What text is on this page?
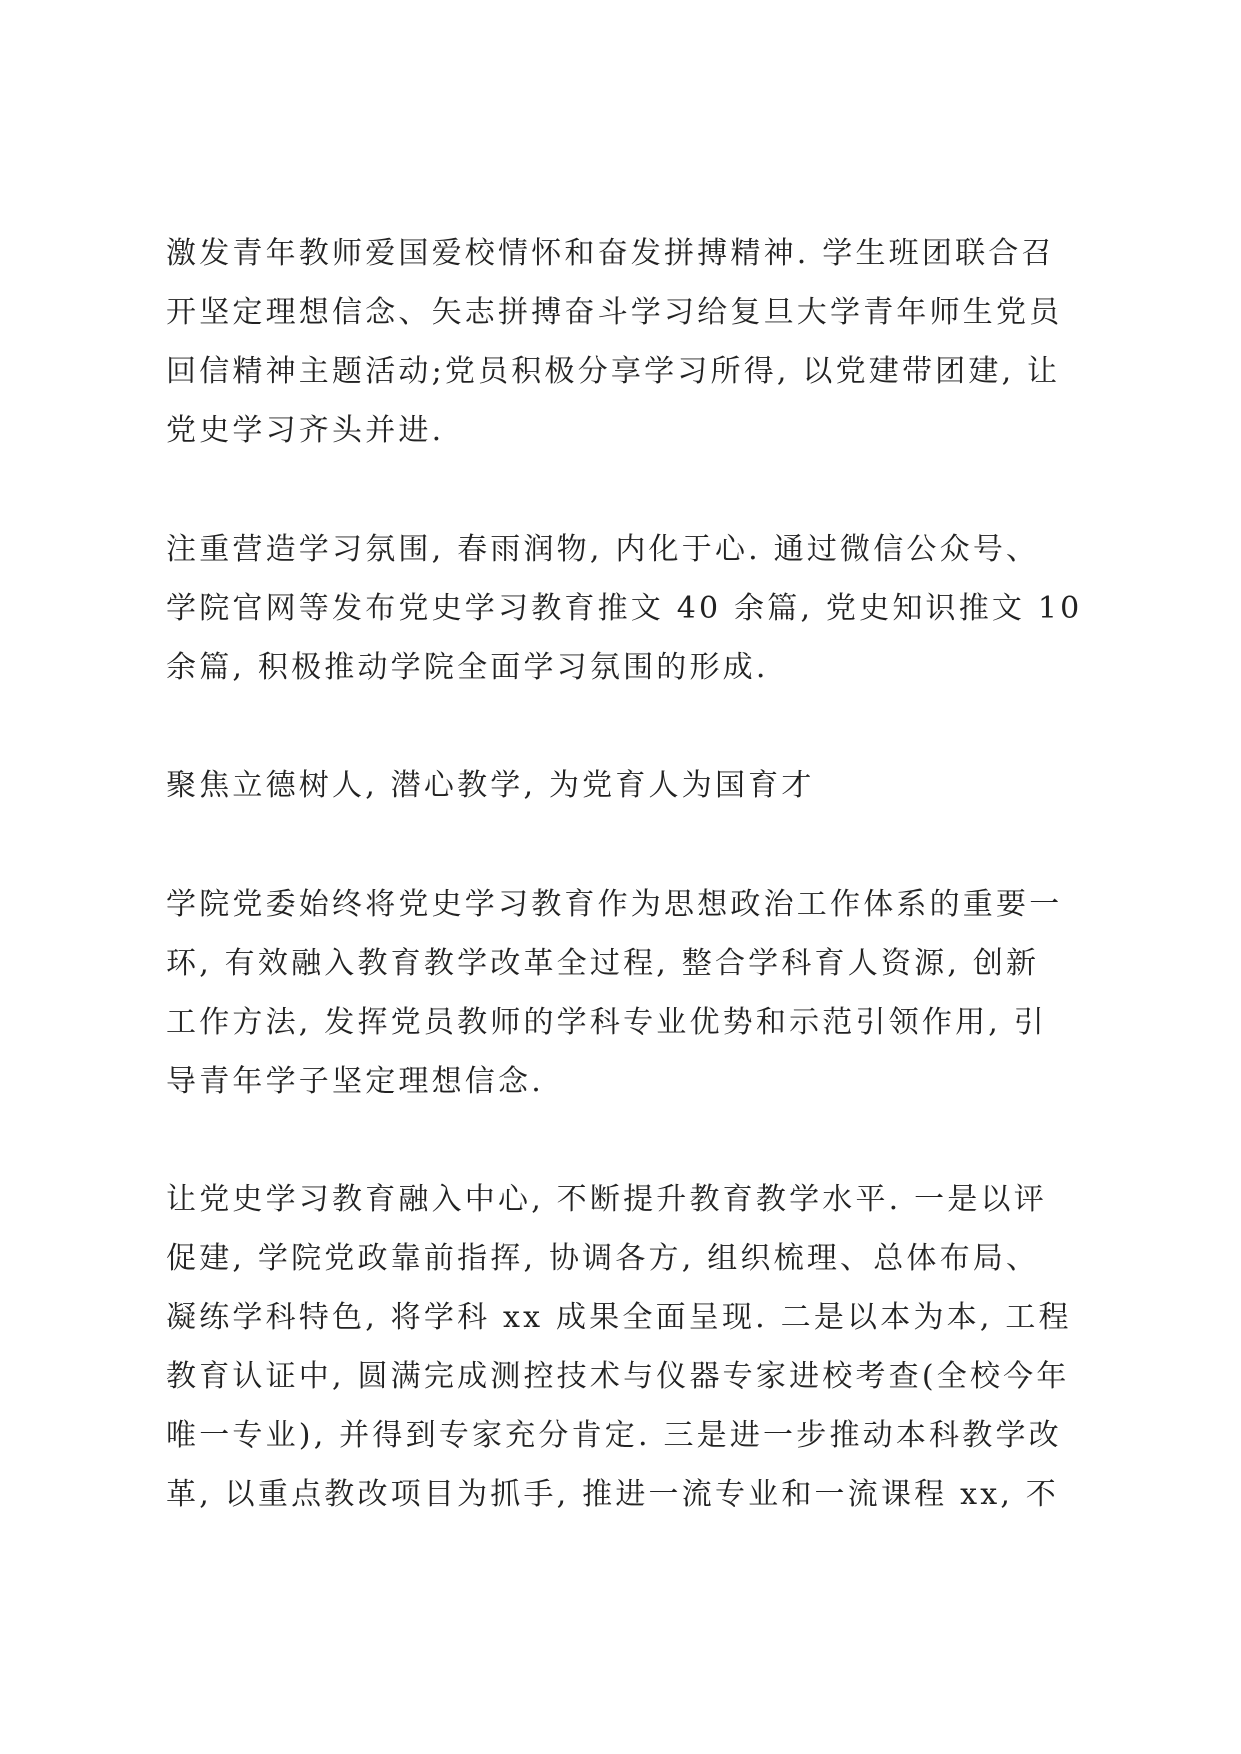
激发青年教师爱国爱校情怀和奋发拼搏精神. 学生班团联合召

开坚定理想信念、矢志拼搏奋斗学习给复旦大学青年师生党员

回信精神主题活动;党员积极分享学习所得, 以党建带团建, 让

党史学习齐头并进.

注重营造学习氛围, 春雨润物, 内化于心. 通过微信公众号、

学院官网等发布党史学习教育推文 40 余篇, 党史知识推文 10

余篇, 积极推动学院全面学习氛围的形成.

聚焦立德树人, 潜心教学, 为党育人为国育才

学院党委始终将党史学习教育作为思想政治工作体系的重要一

环, 有效融入教育教学改革全过程, 整合学科育人资源, 创新

工作方法, 发挥党员教师的学科专业优势和示范引领作用, 引

导青年学子坚定理想信念.

让党史学习教育融入中心, 不断提升教育教学水平. 一是以评

促建, 学院党政靠前指挥, 协调各方, 组织梳理、总体布局、

凝练学科特色, 将学科 xx 成果全面呈现. 二是以本为本, 工程

教育认证中, 圆满完成测控技术与仪器专家进校考查(全校今年

唯一专业), 并得到专家充分肯定. 三是进一步推动本科教学改

革, 以重点教改项目为抓手, 推进一流专业和一流课程 xx, 不
